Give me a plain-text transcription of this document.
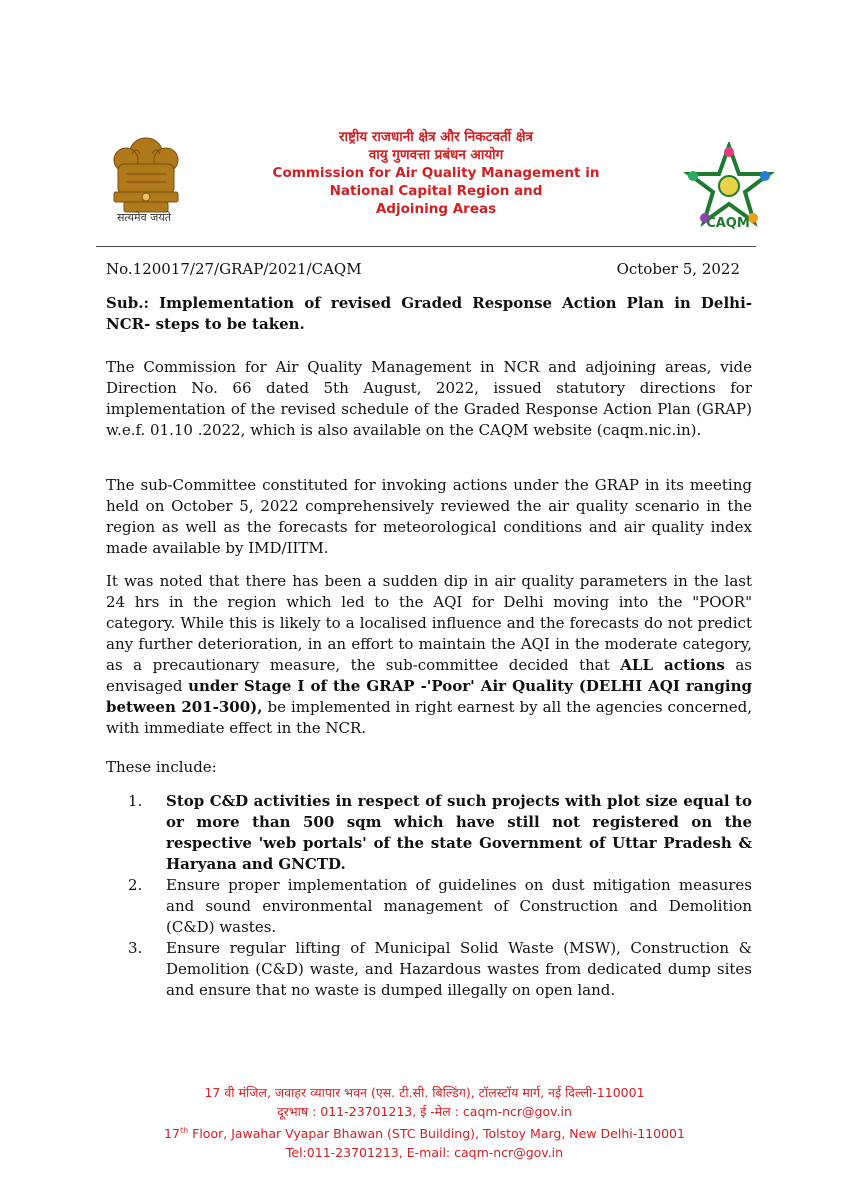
सत्यमेव जयते
राष्ट्रीय राजधानी क्षेत्र और निकटवर्ती क्षेत्र
वायु गुणवत्ता प्रबंधन आयोग
Commission for Air Quality Management in
National Capital Region and
Adjoining Areas
CAQM
No.120017/27/GRAP/2021/CAQM	October 5, 2022
Sub.: Implementation of revised Graded Response Action Plan in Delhi-NCR- steps to be taken.
The Commission for Air Quality Management in NCR and adjoining areas, vide Direction No. 66 dated 5th August, 2022, issued statutory directions for implementation of the revised schedule of the Graded Response Action Plan (GRAP) w.e.f. 01.10 .2022, which is also available on the CAQM website (caqm.nic.in).
The sub-Committee constituted for invoking actions under the GRAP in its meeting held on October 5, 2022 comprehensively reviewed the air quality scenario in the region as well as the forecasts for meteorological conditions and air quality index made available by IMD/IITM.
It was noted that there has been a sudden dip in air quality parameters in the last 24 hrs in the region which led to the AQI for Delhi moving into the "POOR" category. While this is likely to a localised influence and the forecasts do not predict any further deterioration, in an effort to maintain the AQI in the moderate category, as a precautionary measure, the sub-committee decided that ALL actions as envisaged under Stage I of the GRAP -'Poor' Air Quality (DELHI AQI ranging between 201-300), be implemented in right earnest by all the agencies concerned, with immediate effect in the NCR.
These include:
1. Stop C&D activities in respect of such projects with plot size equal to or more than 500 sqm which have still not registered on the respective 'web portals' of the state Government of Uttar Pradesh & Haryana and GNCTD.
2. Ensure proper implementation of guidelines on dust mitigation measures and sound environmental management of Construction and Demolition (C&D) wastes.
3. Ensure regular lifting of Municipal Solid Waste (MSW), Construction & Demolition (C&D) waste, and Hazardous wastes from dedicated dump sites and ensure that no waste is dumped illegally on open land.
17 वी मंजिल, जवाहर व्यापार भवन (एस. टी.सी. बिल्डिंग), टॉलस्टॉय मार्ग, नई दिल्ली-110001
दूरभाष : 011-23701213, ई -मेल : caqm-ncr@gov.in
17th Floor, Jawahar Vyapar Bhawan (STC Building), Tolstoy Marg, New Delhi-110001
Tel:011-23701213, E-mail: caqm-ncr@gov.in
